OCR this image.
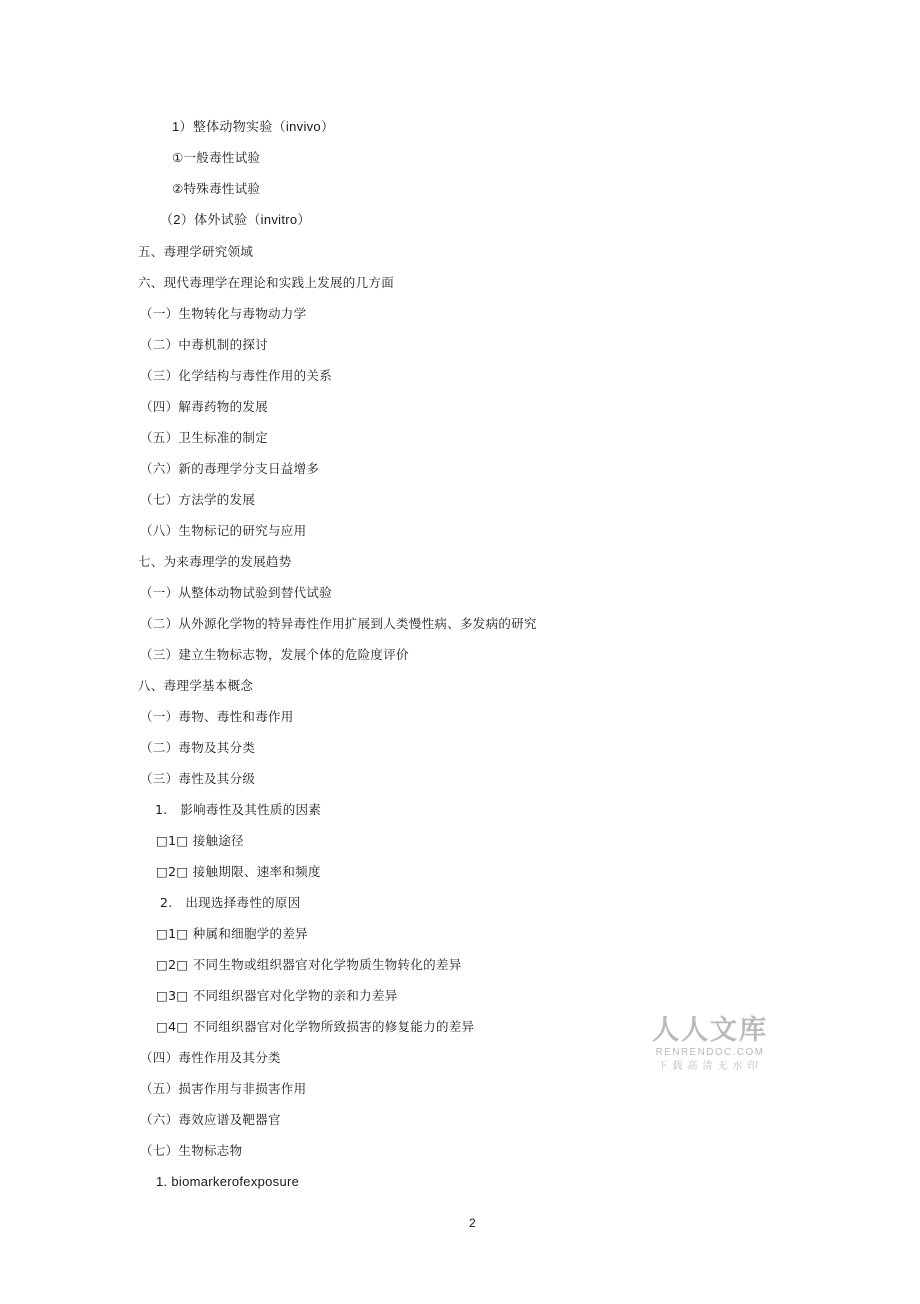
1）整体动物实验（invivo）
①一般毒性试验
②特殊毒性试验
（2）体外试验（invitro）
五、毒理学研究领域
六、现代毒理学在理论和实践上发展的几方面
（一）生物转化与毒物动力学
（二）中毒机制的探讨
（三）化学结构与毒性作用的关系
（四）解毒药物的发展
（五）卫生标准的制定
（六）新的毒理学分支日益增多
（七）方法学的发展
（八）生物标记的研究与应用
七、为来毒理学的发展趋势
（一）从整体动物试验到替代试验
（二）从外源化学物的特异毒性作用扩展到人类慢性病、多发病的研究
（三）建立生物标志物，发展个体的危险度评价
八、毒理学基本概念
（一）毒物、毒性和毒作用
（二）毒物及其分类
（三）毒性及其分级
1.　影响毒性及其性质的因素
□1□ 接触途径
□2□ 接触期限、速率和频度
2.　出现选择毒性的原因
□1□ 种属和细胞学的差异
□2□ 不同生物或组织器官对化学物质生物转化的差异
□3□ 不同组织器官对化学物的亲和力差异
□4□ 不同组织器官对化学物所致损害的修复能力的差异
（四）毒性作用及其分类
（五）损害作用与非损害作用
（六）毒效应谱及靶器官
（七）生物标志物
1. biomarkerofexposure
2
人人文库
RENRENDOC.COM
下载高清无水印
